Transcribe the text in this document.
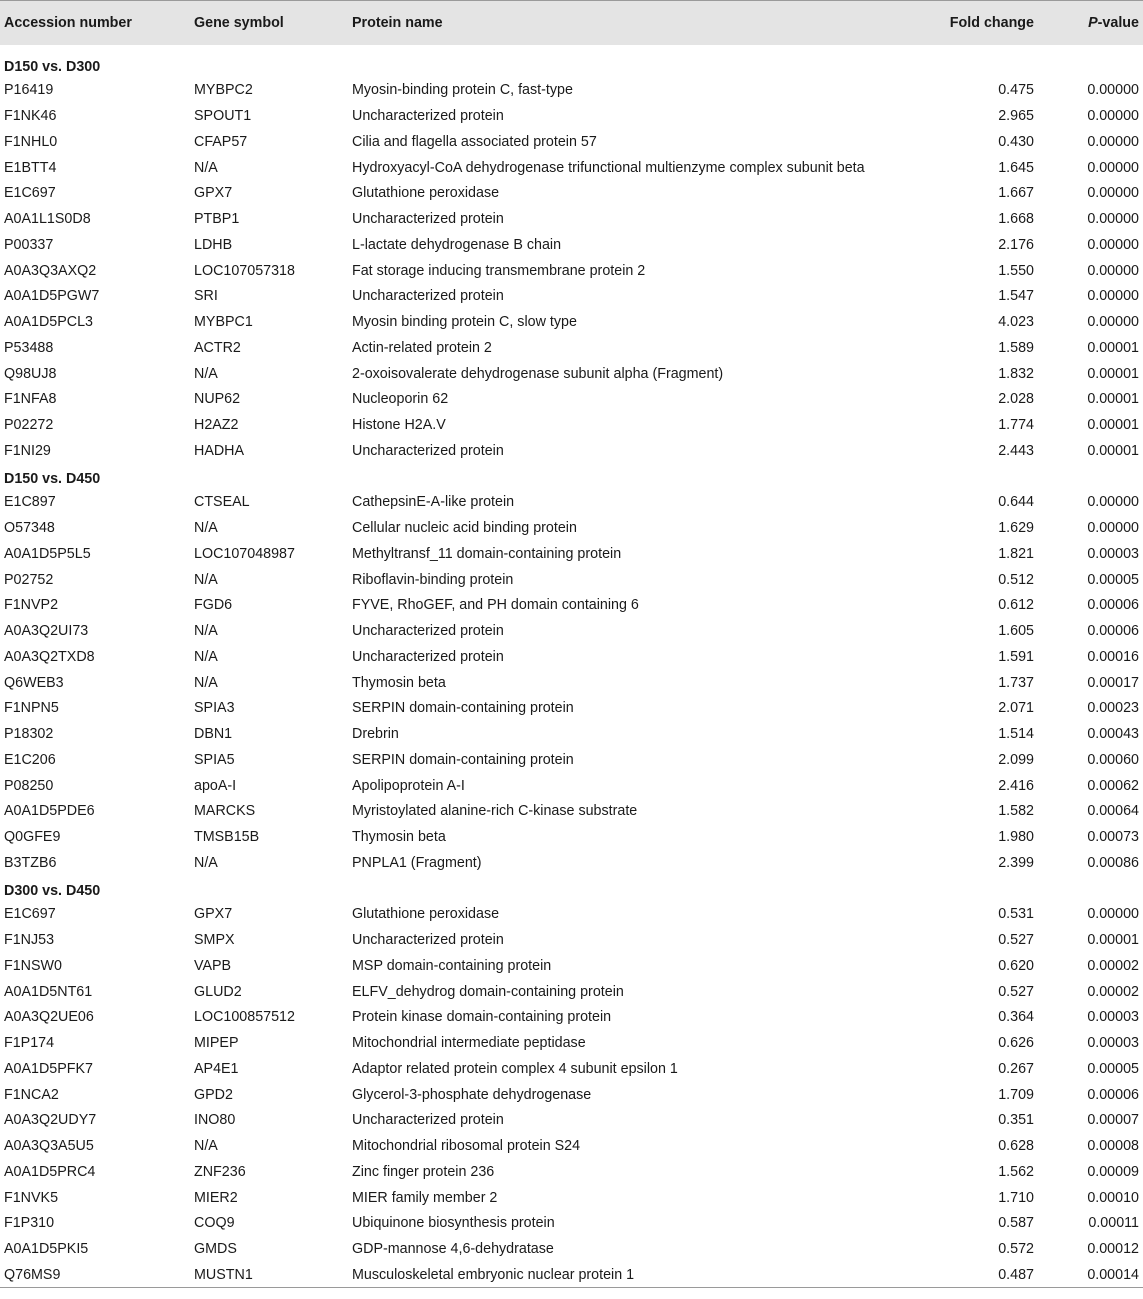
Accession number	Gene symbol	Protein name	Fold change	P-value
D150 vs. D300				
P16419	MYBPC2	Myosin-binding protein C, fast-type	0.475	0.00000
F1NK46	SPOUT1	Uncharacterized protein	2.965	0.00000
F1NHL0	CFAP57	Cilia and flagella associated protein 57	0.430	0.00000
E1BTT4	N/A	Hydroxyacyl-CoA dehydrogenase trifunctional multienzyme complex subunit beta	1.645	0.00000
E1C697	GPX7	Glutathione peroxidase	1.667	0.00000
A0A1L1S0D8	PTBP1	Uncharacterized protein	1.668	0.00000
P00337	LDHB	L-lactate dehydrogenase B chain	2.176	0.00000
A0A3Q3AXQ2	LOC107057318	Fat storage inducing transmembrane protein 2	1.550	0.00000
A0A1D5PGW7	SRI	Uncharacterized protein	1.547	0.00000
A0A1D5PCL3	MYBPC1	Myosin binding protein C, slow type	4.023	0.00000
P53488	ACTR2	Actin-related protein 2	1.589	0.00001
Q98UJ8	N/A	2-oxoisovalerate dehydrogenase subunit alpha (Fragment)	1.832	0.00001
F1NFA8	NUP62	Nucleoporin 62	2.028	0.00001
P02272	H2AZ2	Histone H2A.V	1.774	0.00001
F1NI29	HADHA	Uncharacterized protein	2.443	0.00001
D150 vs. D450				
E1C897	CTSEAL	CathepsinE-A-like protein	0.644	0.00000
O57348	N/A	Cellular nucleic acid binding protein	1.629	0.00000
A0A1D5P5L5	LOC107048987	Methyltransf_11 domain-containing protein	1.821	0.00003
P02752	N/A	Riboflavin-binding protein	0.512	0.00005
F1NVP2	FGD6	FYVE, RhoGEF, and PH domain containing 6	0.612	0.00006
A0A3Q2UI73	N/A	Uncharacterized protein	1.605	0.00006
A0A3Q2TXD8	N/A	Uncharacterized protein	1.591	0.00016
Q6WEB3	N/A	Thymosin beta	1.737	0.00017
F1NPN5	SPIA3	SERPIN domain-containing protein	2.071	0.00023
P18302	DBN1	Drebrin	1.514	0.00043
E1C206	SPIA5	SERPIN domain-containing protein	2.099	0.00060
P08250	apoA-I	Apolipoprotein A-I	2.416	0.00062
A0A1D5PDE6	MARCKS	Myristoylated alanine-rich C-kinase substrate	1.582	0.00064
Q0GFE9	TMSB15B	Thymosin beta	1.980	0.00073
B3TZB6	N/A	PNPLA1 (Fragment)	2.399	0.00086
D300 vs. D450				
E1C697	GPX7	Glutathione peroxidase	0.531	0.00000
F1NJ53	SMPX	Uncharacterized protein	0.527	0.00001
F1NSW0	VAPB	MSP domain-containing protein	0.620	0.00002
A0A1D5NT61	GLUD2	ELFV_dehydrog domain-containing protein	0.527	0.00002
A0A3Q2UE06	LOC100857512	Protein kinase domain-containing protein	0.364	0.00003
F1P174	MIPEP	Mitochondrial intermediate peptidase	0.626	0.00003
A0A1D5PFK7	AP4E1	Adaptor related protein complex 4 subunit epsilon 1	0.267	0.00005
F1NCA2	GPD2	Glycerol-3-phosphate dehydrogenase	1.709	0.00006
A0A3Q2UDY7	INO80	Uncharacterized protein	0.351	0.00007
A0A3Q3A5U5	N/A	Mitochondrial ribosomal protein S24	0.628	0.00008
A0A1D5PRC4	ZNF236	Zinc finger protein 236	1.562	0.00009
F1NVK5	MIER2	MIER family member 2	1.710	0.00010
F1P310	COQ9	Ubiquinone biosynthesis protein	0.587	0.00011
A0A1D5PKI5	GMDS	GDP-mannose 4,6-dehydratase	0.572	0.00012
Q76MS9	MUSTN1	Musculoskeletal embryonic nuclear protein 1	0.487	0.00014
